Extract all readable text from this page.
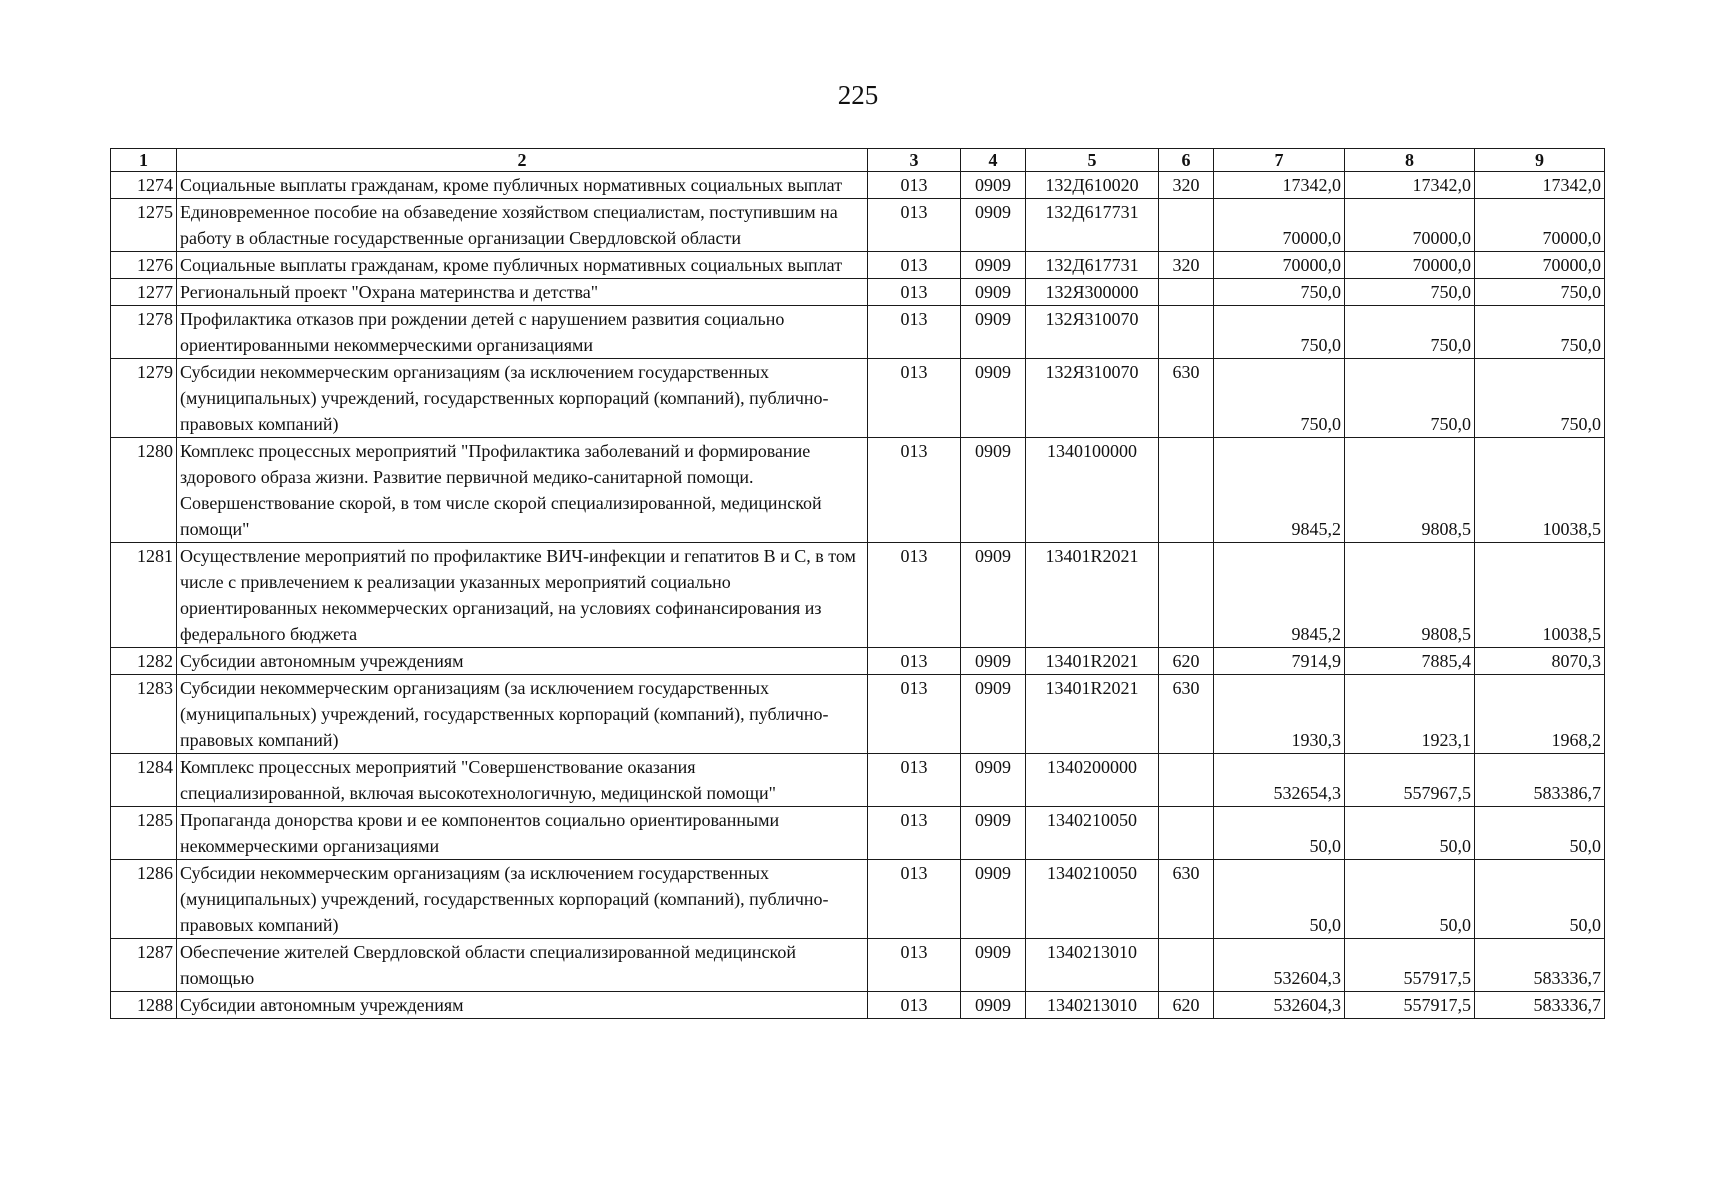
225
1	2	3	4	5	6	7	8	9
1274	Социальные выплаты гражданам, кроме публичных нормативных социальных выплат	013	0909	132Д610020	320	17342,0	17342,0	17342,0
1275	Единовременное пособие на обзаведение хозяйством специалистам, поступившим на работу в областные государственные организации Свердловской области	013	0909	132Д617731		70000,0	70000,0	70000,0
1276	Социальные выплаты гражданам, кроме публичных нормативных социальных выплат	013	0909	132Д617731	320	70000,0	70000,0	70000,0
1277	Региональный проект "Охрана материнства и детства"	013	0909	132Я300000		750,0	750,0	750,0
1278	Профилактика отказов при рождении детей с нарушением развития социально ориентированными некоммерческими организациями	013	0909	132Я310070		750,0	750,0	750,0
1279	Субсидии некоммерческим организациям (за исключением государственных (муниципальных) учреждений, государственных корпораций (компаний), публично-правовых компаний)	013	0909	132Я310070	630	750,0	750,0	750,0
1280	Комплекс процессных мероприятий "Профилактика заболеваний и формирование здорового образа жизни. Развитие первичной медико-санитарной помощи. Совершенствование скорой, в том числе скорой специализированной, медицинской помощи"	013	0909	1340100000		9845,2	9808,5	10038,5
1281	Осуществление мероприятий по профилактике ВИЧ-инфекции и гепатитов В и С, в том числе с привлечением к реализации указанных мероприятий социально ориентированных некоммерческих организаций, на условиях софинансирования из федерального бюджета	013	0909	13401R2021		9845,2	9808,5	10038,5
1282	Субсидии автономным учреждениям	013	0909	13401R2021	620	7914,9	7885,4	8070,3
1283	Субсидии некоммерческим организациям (за исключением государственных (муниципальных) учреждений, государственных корпораций (компаний), публично-правовых компаний)	013	0909	13401R2021	630	1930,3	1923,1	1968,2
1284	Комплекс процессных мероприятий "Совершенствование оказания специализированной, включая высокотехнологичную, медицинской помощи"	013	0909	1340200000		532654,3	557967,5	583386,7
1285	Пропаганда донорства крови и ее компонентов социально ориентированными некоммерческими организациями	013	0909	1340210050		50,0	50,0	50,0
1286	Субсидии некоммерческим организациям (за исключением государственных (муниципальных) учреждений, государственных корпораций (компаний), публично-правовых компаний)	013	0909	1340210050	630	50,0	50,0	50,0
1287	Обеспечение жителей Свердловской области специализированной медицинской помощью	013	0909	1340213010		532604,3	557917,5	583336,7
1288	Субсидии автономным учреждениям	013	0909	1340213010	620	532604,3	557917,5	583336,7
